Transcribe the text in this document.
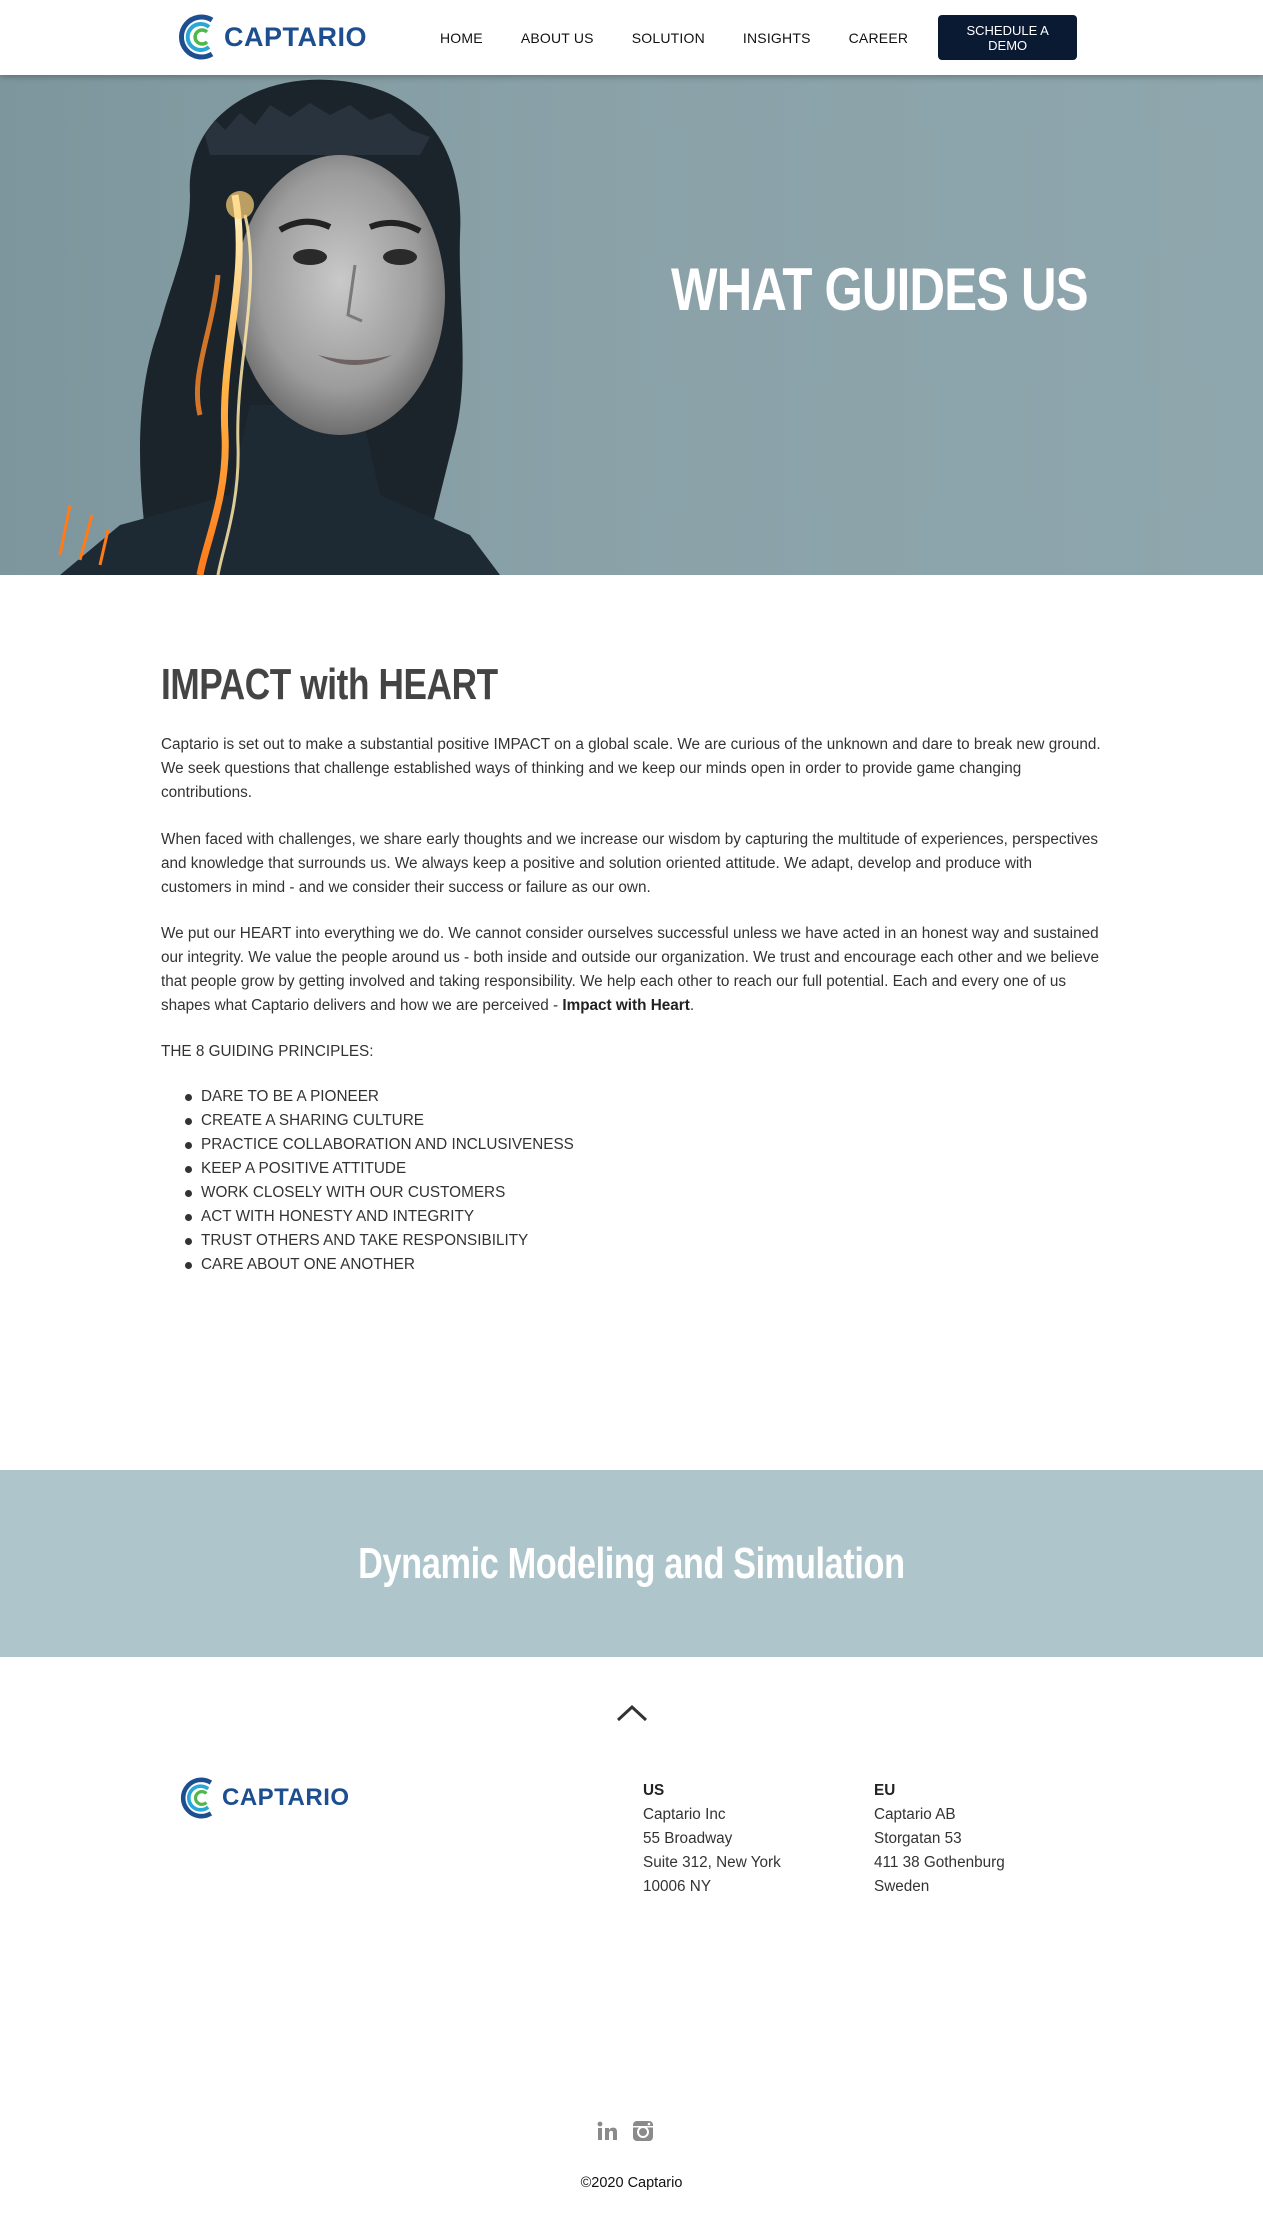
CAPTARIO	HOME	ABOUT US	SOLUTION	INSIGHTS	CAREER	SCHEDULE A DEMO
WHAT GUIDES US
IMPACT with HEART

Captario is set out to make a substantial positive IMPACT on a global scale. We are curious of the unknown and dare to break new ground. We seek questions that challenge established ways of thinking and we keep our minds open in order to provide game changing contributions.

When faced with challenges, we share early thoughts and we increase our wisdom by capturing the multitude of experiences, perspectives and knowledge that surrounds us. We always keep a positive and solution oriented attitude. We adapt, develop and produce with customers in mind - and we consider their success or failure as our own.

We put our HEART into everything we do. We cannot consider ourselves successful unless we have acted in an honest way and sustained our integrity. We value the people around us - both inside and outside our organization. We trust and encourage each other and we believe that people grow by getting involved and taking responsibility. We help each other to reach our full potential. Each and every one of us shapes what Captario delivers and how we are perceived - Impact with Heart.

THE 8 GUIDING PRINCIPLES:

DARE TO BE A PIONEER
CREATE A SHARING CULTURE
PRACTICE COLLABORATION AND INCLUSIVENESS
KEEP A POSITIVE ATTITUDE
WORK CLOSELY WITH OUR CUSTOMERS
ACT WITH HONESTY AND INTEGRITY
TRUST OTHERS AND TAKE RESPONSIBILITY
CARE ABOUT ONE ANOTHER
Dynamic Modeling and Simulation
CAPTARIO	US
Captario Inc
55 Broadway
Suite 312, New York
10006 NY
EU
Captario AB
Storgatan 53
411 38 Gothenburg
Sweden
©2020 Captario
